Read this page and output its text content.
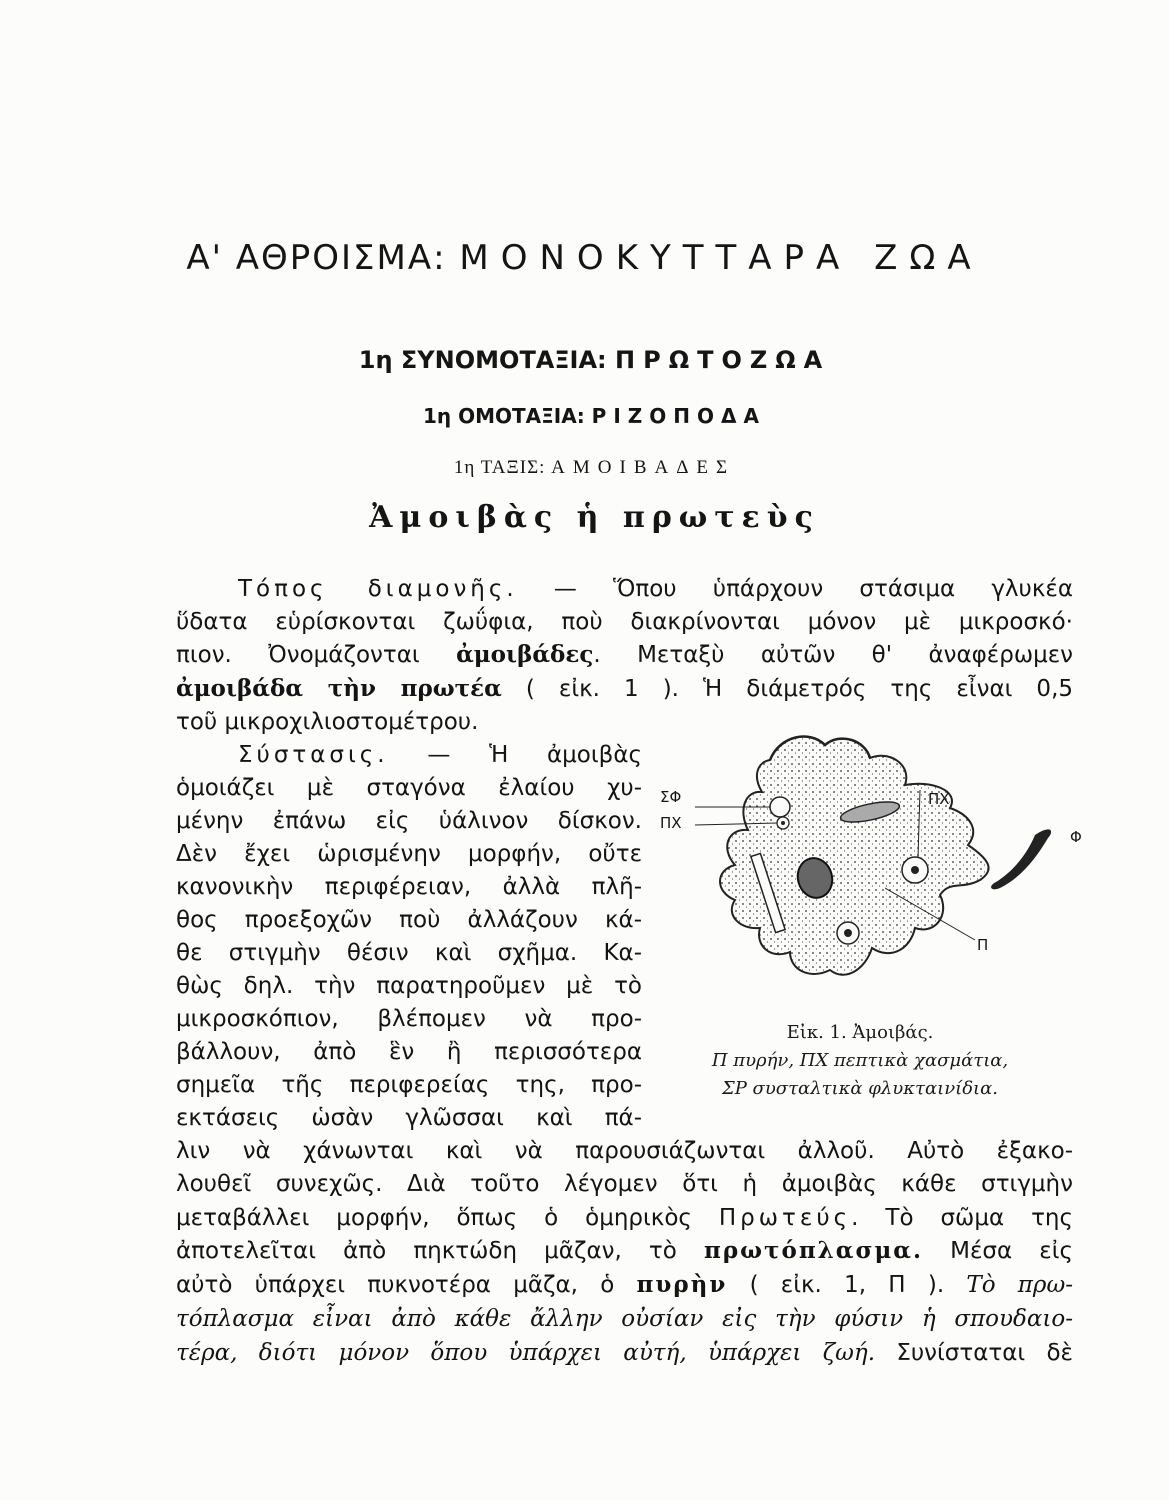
Α' ΑΘΡΟΙΣΜΑ: ΜΟΝΟΚΥΤΤΑΡΑ ΖΩΑ
1η ΣΥΝΟΜΟΤΑΞΙΑ: ΠΡΩΤΟΖΩΑ
1η ΟΜΟΤΑΞΙΑ: ΡΙΖΟΠΟΔΑ
1η ΤΑΞΙΣ: ΑΜΟΙΒΑΔΕΣ
Ἀμοιβὰς ἡ πρωτεὺς
Τόπος διαμονῆς. — Ὅπου ὑπάρχουν στάσιμα γλυκέα
ὕδατα εὑρίσκονται ζωΰφια, ποὺ διακρίνονται μόνον μὲ μικροσκό·
πιον. Ὀνομάζονται ἀμοιβάδες. Μεταξὺ αὐτῶν θ' ἀναφέρωμεν
ἀμοιβάδα τὴν πρωτέα ( εἰκ. 1 ). Ἡ διάμετρός της εἶναι 0,5
τοῦ μικροχιλιοστομέτρου.
Σύστασις. — Ἡ ἀμοιβὰς
ὁμοιάζει μὲ σταγόνα ἐλαίου χυ-
μένην ἐπάνω εἰς ὑάλινον δίσκον.
Δὲν ἔχει ὡρισμένην μορφήν, οὔτε
κανονικὴν περιφέρειαν, ἀλλὰ πλῆ-
θος προεξοχῶν ποὺ ἀλλάζουν κά-
θε στιγμὴν θέσιν καὶ σχῆμα. Κα-
θὼς δηλ. τὴν παρατηροῦμεν μὲ τὸ
μικροσκόπιον, βλέπομεν νὰ προ-
βάλλουν, ἀπὸ ἓν ἢ περισσότερα
σημεῖα τῆς περιφερείας της, προ-
εκτάσεις ὡσὰν γλῶσσαι καὶ πά-
λιν νὰ χάνωνται καὶ νὰ παρουσιάζωνται ἀλλοῦ. Αὐτὸ ἐξακο-
λουθεῖ συνεχῶς. Διὰ τοῦτο λέγομεν ὅτι ἡ ἀμοιβὰς κάθε στιγμὴν
μεταβάλλει μορφήν, ὅπως ὁ ὁμηρικὸς Πρωτεύς. Τὸ σῶμα της
ἀποτελεῖται ἀπὸ πηκτώδη μᾶζαν, τὸ πρωτόπλασμα. Μέσα εἰς
αὐτὸ ὑπάρχει πυκνοτέρα μᾶζα, ὁ πυρὴν ( εἰκ. 1, Π ). Τὸ πρω-
τόπλασμα εἶναι ἀπὸ κάθε ἄλλην οὐσίαν εἰς τὴν φύσιν ἡ σπουδαιο-
τέρα, διότι μόνον ὅπου ὑπάρχει αὐτή, ὑπάρχει ζωή. Συνίσταται δὲ
ΣΦ
ΠΧ
ΠΧ
Φ
Π
Εἰκ. 1. Ἀμοιβάς.
Π πυρήν, ΠΧ πεπτικὰ χασμάτια,
ΣΡ συσταλτικὰ φλυκταινίδια.
